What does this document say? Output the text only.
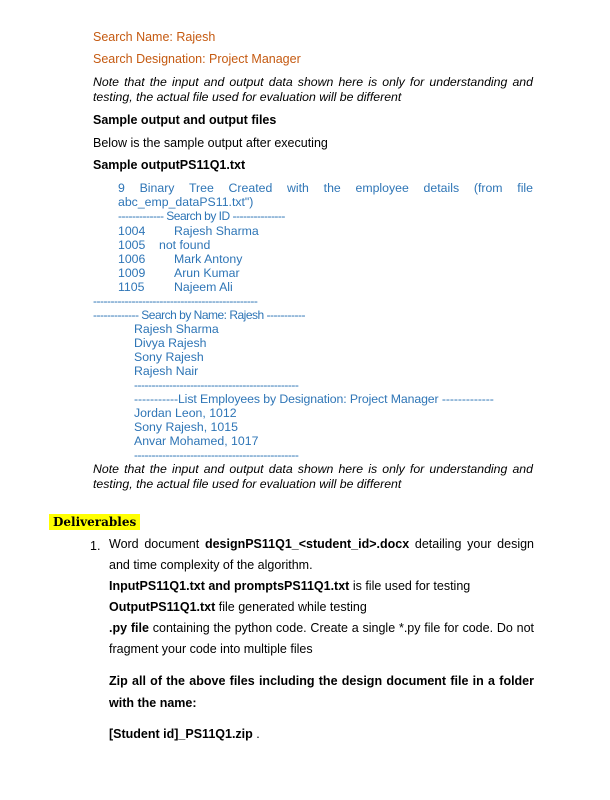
Search Name: Rajesh
Search Designation: Project Manager
Note that the input and output data shown here is only for understanding and testing, the actual file used for evaluation will be different
Sample output and output files
Below is the sample output after executing
Sample outputPS11Q1.txt
9 Binary Tree Created with the employee details (from file
abc_emp_dataPS11.txt")
------------- Search by ID ---------------
1004	Rajesh Sharma
1005	not found
1006	Mark Antony
1009	Arun Kumar
1105	Najeem Ali
-----------------------------------------------
------------- Search by Name: Rajesh -----------
Rajesh Sharma
Divya Rajesh
Sony Rajesh
Rajesh Nair
-----------------------------------------------
-----------List Employees by Designation: Project Manager -------------
Jordan Leon, 1012
Sony Rajesh, 1015
Anvar Mohamed, 1017
-----------------------------------------------
Note that the input and output data shown here is only for understanding and testing, the actual file used for evaluation will be different
Deliverables
1. Word document designPS11Q1_<student_id>.docx detailing your design and time complexity of the algorithm.
InputPS11Q1.txt and promptsPS11Q1.txt is file used for testing
OutputPS11Q1.txt file generated while testing
.py file containing the python code. Create a single *.py file for code. Do not fragment your code into multiple files
Zip all of the above files including the design document file in a folder with the name:
[Student id]_PS11Q1.zip .
